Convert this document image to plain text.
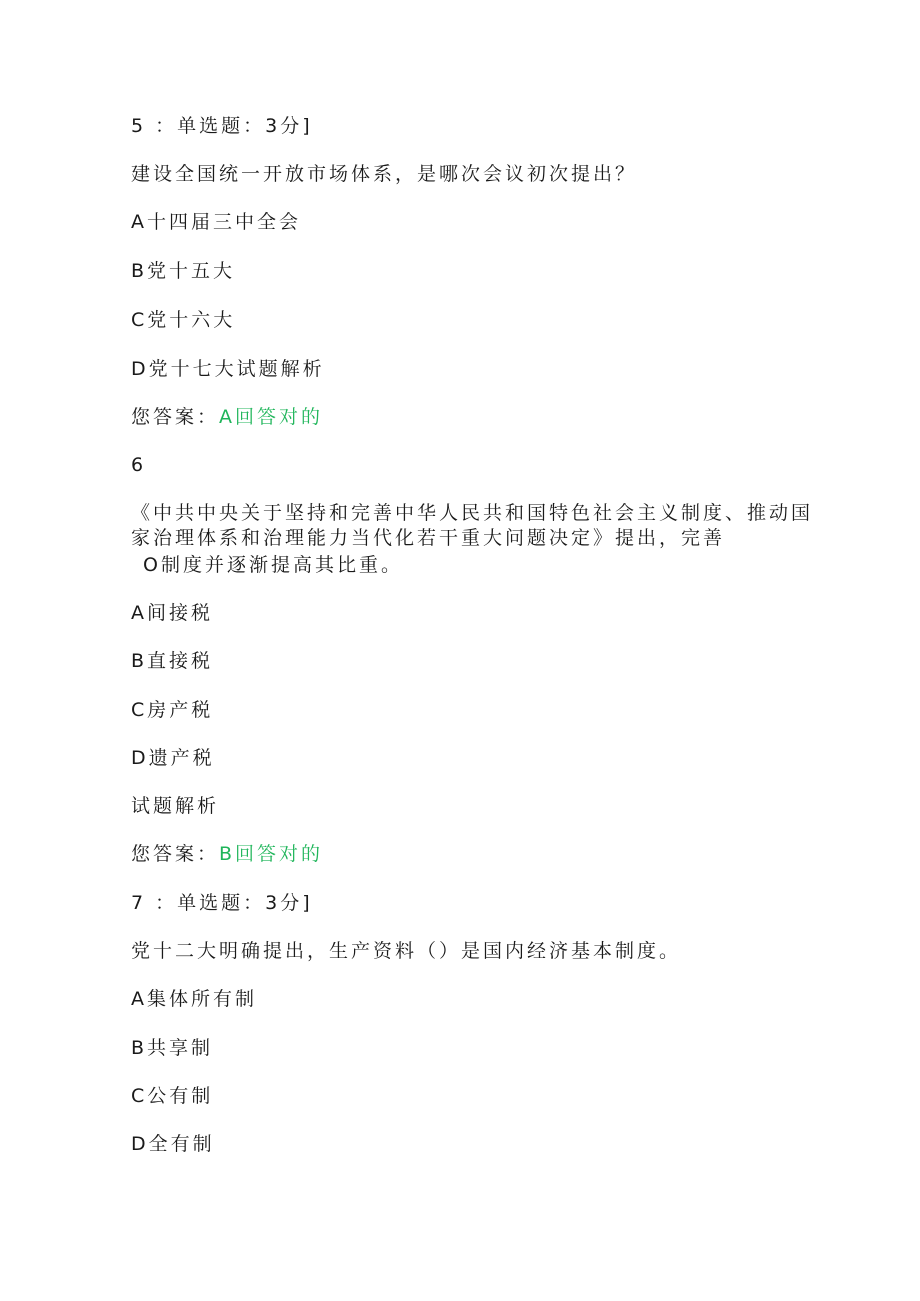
5 ：单选题：3分]
建设全国统一开放市场体系，是哪次会议初次提出？
A十四届三中全会
B党十五大
C党十六大
D党十七大试题解析
您答案：A回答对的
6
《中共中央关于坚持和完善中华人民共和国特色社会主义制度、推动国
家治理体系和治理能力当代化若干重大问题决定》提出，完善
O制度并逐渐提高其比重。
A间接税
B直接税
C房产税
D遗产税
试题解析
您答案：B回答对的
7 ：单选题：3分]
党十二大明确提出，生产资料（）是国内经济基本制度。
A集体所有制
B共享制
C公有制
D全有制
